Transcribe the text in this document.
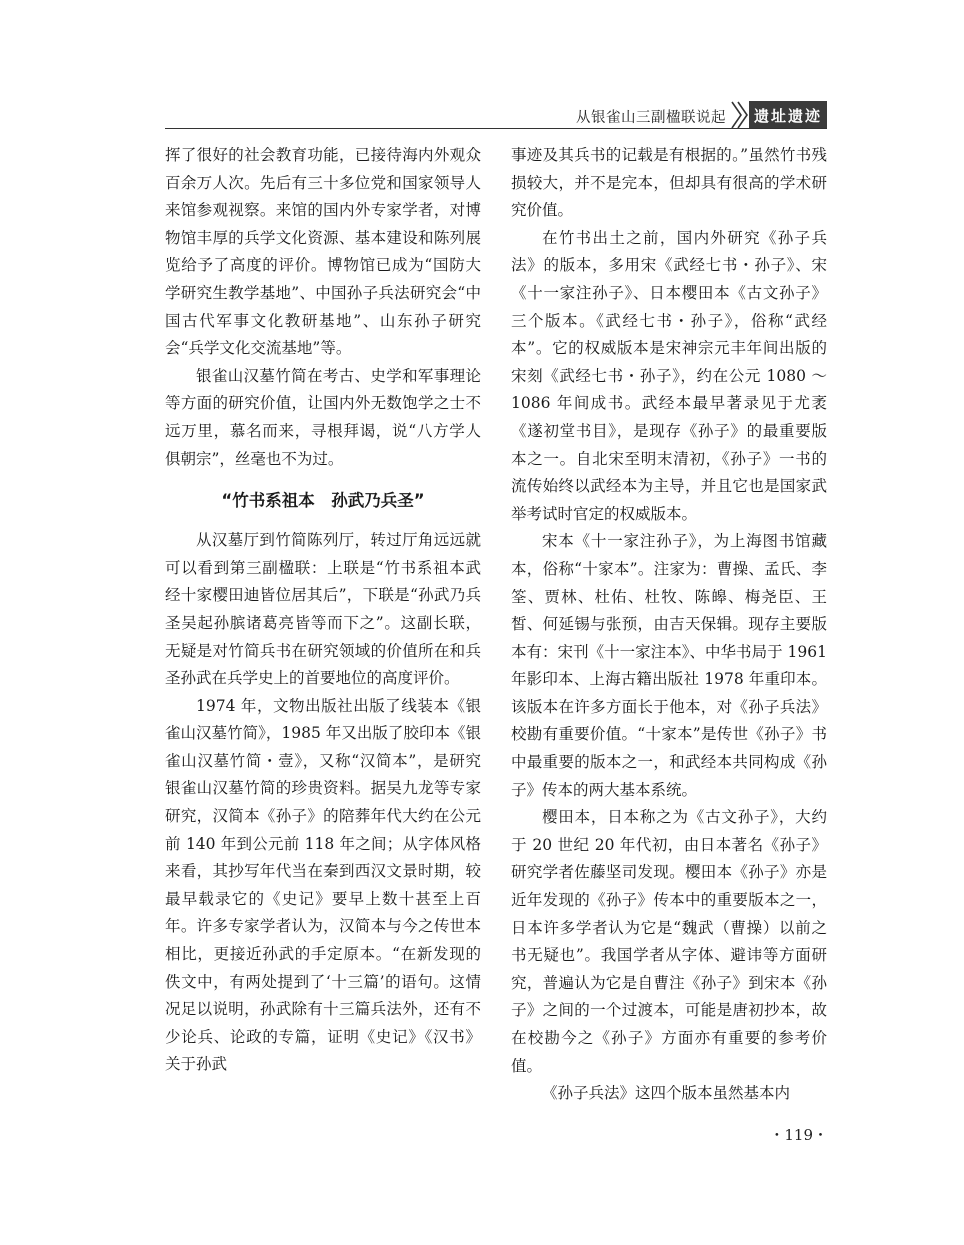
从银雀山三副楹联说起	遗址遗迹

挥了很好的社会教育功能，已接待海内外观众百余万人次。先后有三十多位党和国家领导人来馆参观视察。来馆的国内外专家学者，对博物馆丰厚的兵学文化资源、基本建设和陈列展览给予了高度的评价。博物馆已成为“国防大学研究生教学基地”、中国孙子兵法研究会“中国古代军事文化教研基地”、山东孙子研究会“兵学文化交流基地”等。

银雀山汉墓竹简在考古、史学和军事理论等方面的研究价值，让国内外无数饱学之士不远万里，慕名而来，寻根拜谒，说“八方学人俱朝宗”，丝毫也不为过。

“竹书系祖本　孙武乃兵圣”

从汉墓厅到竹简陈列厅，转过厅角远远就可以看到第三副楹联：上联是“竹书系祖本武经十家樱田迪皆位居其后”，下联是“孙武乃兵圣吴起孙膑诸葛亮皆等而下之”。这副长联，无疑是对竹简兵书在研究领域的价值所在和兵圣孙武在兵学史上的首要地位的高度评价。

1974 年，文物出版社出版了线装本《银雀山汉墓竹简》，1985 年又出版了胶印本《银雀山汉墓竹简・壹》，又称“汉简本”，是研究银雀山汉墓竹简的珍贵资料。据吴九龙等专家研究，汉简本《孙子》的陪葬年代大约在公元前 140 年到公元前 118 年之间；从字体风格来看，其抄写年代当在秦到西汉文景时期，较最早载录它的《史记》要早上数十甚至上百年。许多专家学者认为，汉简本与今之传世本相比，更接近孙武的手定原本。“在新发现的佚文中，有两处提到了‘十三篇’的语句。这情况足以说明，孙武除有十三篇兵法外，还有不少论兵、论政的专篇，证明《史记》《汉书》关于孙武

事迹及其兵书的记载是有根据的。”虽然竹书残损较大，并不是完本，但却具有很高的学术研究价值。

在竹书出土之前，国内外研究《孙子兵法》的版本，多用宋《武经七书・孙子》、宋《十一家注孙子》、日本樱田本《古文孙子》三个版本。《武经七书・孙子》，俗称“武经本”。它的权威版本是宋神宗元丰年间出版的宋刻《武经七书・孙子》，约在公元 1080 ～ 1086 年间成书。武经本最早著录见于尤袤《遂初堂书目》，是现存《孙子》的最重要版本之一。自北宋至明末清初，《孙子》一书的流传始终以武经本为主导，并且它也是国家武举考试时官定的权威版本。

宋本《十一家注孙子》，为上海图书馆藏本，俗称“十家本”。注家为：曹操、孟氏、李筌、贾林、杜佑、杜牧、陈皞、梅尧臣、王皙、何延锡与张预，由吉天保辑。现存主要版本有：宋刊《十一家注本》、中华书局于 1961 年影印本、上海古籍出版社 1978 年重印本。该版本在许多方面长于他本，对《孙子兵法》校勘有重要价值。“十家本”是传世《孙子》书中最重要的版本之一，和武经本共同构成《孙子》传本的两大基本系统。

樱田本，日本称之为《古文孙子》，大约于 20 世纪 20 年代初，由日本著名《孙子》研究学者佐藤坚司发现。樱田本《孙子》亦是近年发现的《孙子》传本中的重要版本之一，日本许多学者认为它是“魏武（曹操）以前之书无疑也”。我国学者从字体、避讳等方面研究，普遍认为它是自曹注《孙子》到宋本《孙子》之间的一个过渡本，可能是唐初抄本，故在校勘今之《孙子》方面亦有重要的参考价值。

《孙子兵法》这四个版本虽然基本内

・119・
